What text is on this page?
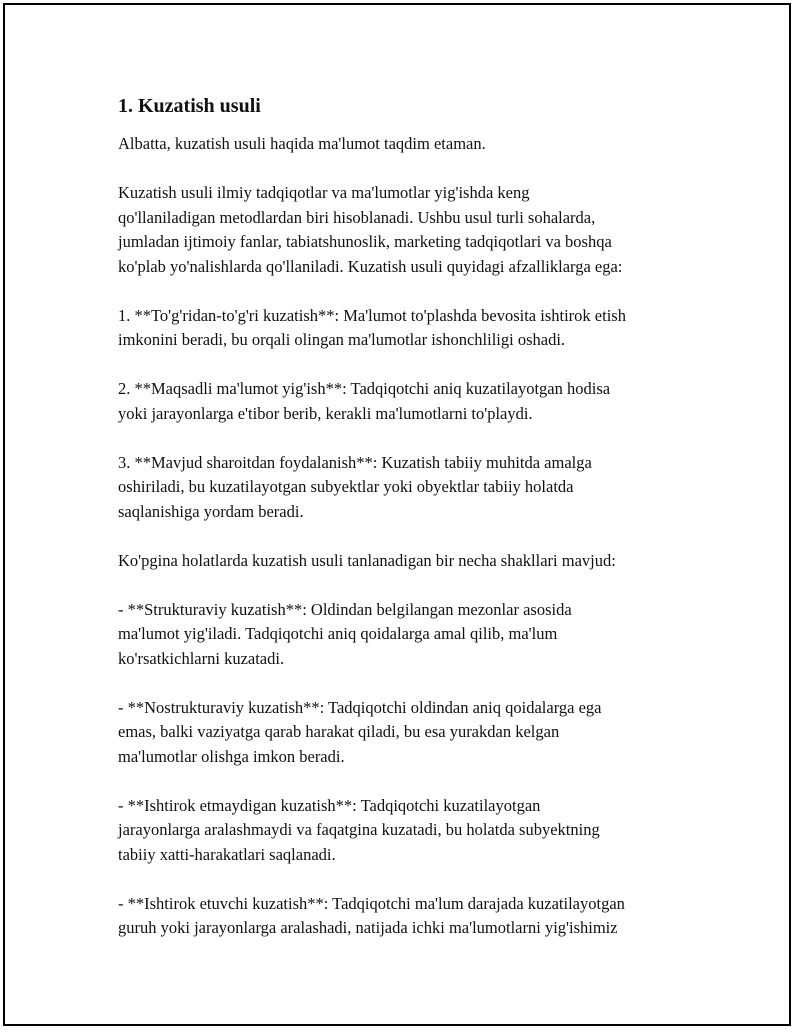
1. Kuzatish usuli

Albatta, kuzatish usuli haqida ma'lumot taqdim etaman.

Kuzatish usuli ilmiy tadqiqotlar va ma'lumotlar yig'ishda keng
qo'llaniladigan metodlardan biri hisoblanadi. Ushbu usul turli sohalarda,
jumladan ijtimoiy fanlar, tabiatshunoslik, marketing tadqiqotlari va boshqa
ko'plab yo'nalishlarda qo'llaniladi. Kuzatish usuli quyidagi afzalliklarga ega:

1. **To'g'ridan-to'g'ri kuzatish**: Ma'lumot to'plashda bevosita ishtirok etish
imkonini beradi, bu orqali olingan ma'lumotlar ishonchliligi oshadi.

2. **Maqsadli ma'lumot yig'ish**: Tadqiqotchi aniq kuzatilayotgan hodisa
yoki jarayonlarga e'tibor berib, kerakli ma'lumotlarni to'playdi.

3. **Mavjud sharoitdan foydalanish**: Kuzatish tabiiy muhitda amalga
oshiriladi, bu kuzatilayotgan subyektlar yoki obyektlar tabiiy holatda
saqlanishiga yordam beradi.

Ko'pgina holatlarda kuzatish usuli tanlanadigan bir necha shakllari mavjud:

- **Strukturaviy kuzatish**: Oldindan belgilangan mezonlar asosida
ma'lumot yig'iladi. Tadqiqotchi aniq qoidalarga amal qilib, ma'lum
ko'rsatkichlarni kuzatadi.

- **Nostrukturaviy kuzatish**: Tadqiqotchi oldindan aniq qoidalarga ega
emas, balki vaziyatga qarab harakat qiladi, bu esa yurakdan kelgan
ma'lumotlar olishga imkon beradi.

- **Ishtirok etmaydigan kuzatish**: Tadqiqotchi kuzatilayotgan
jarayonlarga aralashmaydi va faqatgina kuzatadi, bu holatda subyektning
tabiiy xatti-harakatlari saqlanadi.

- **Ishtirok etuvchi kuzatish**: Tadqiqotchi ma'lum darajada kuzatilayotgan
guruh yoki jarayonlarga aralashadi, natijada ichki ma'lumotlarni yig'ishimiz
